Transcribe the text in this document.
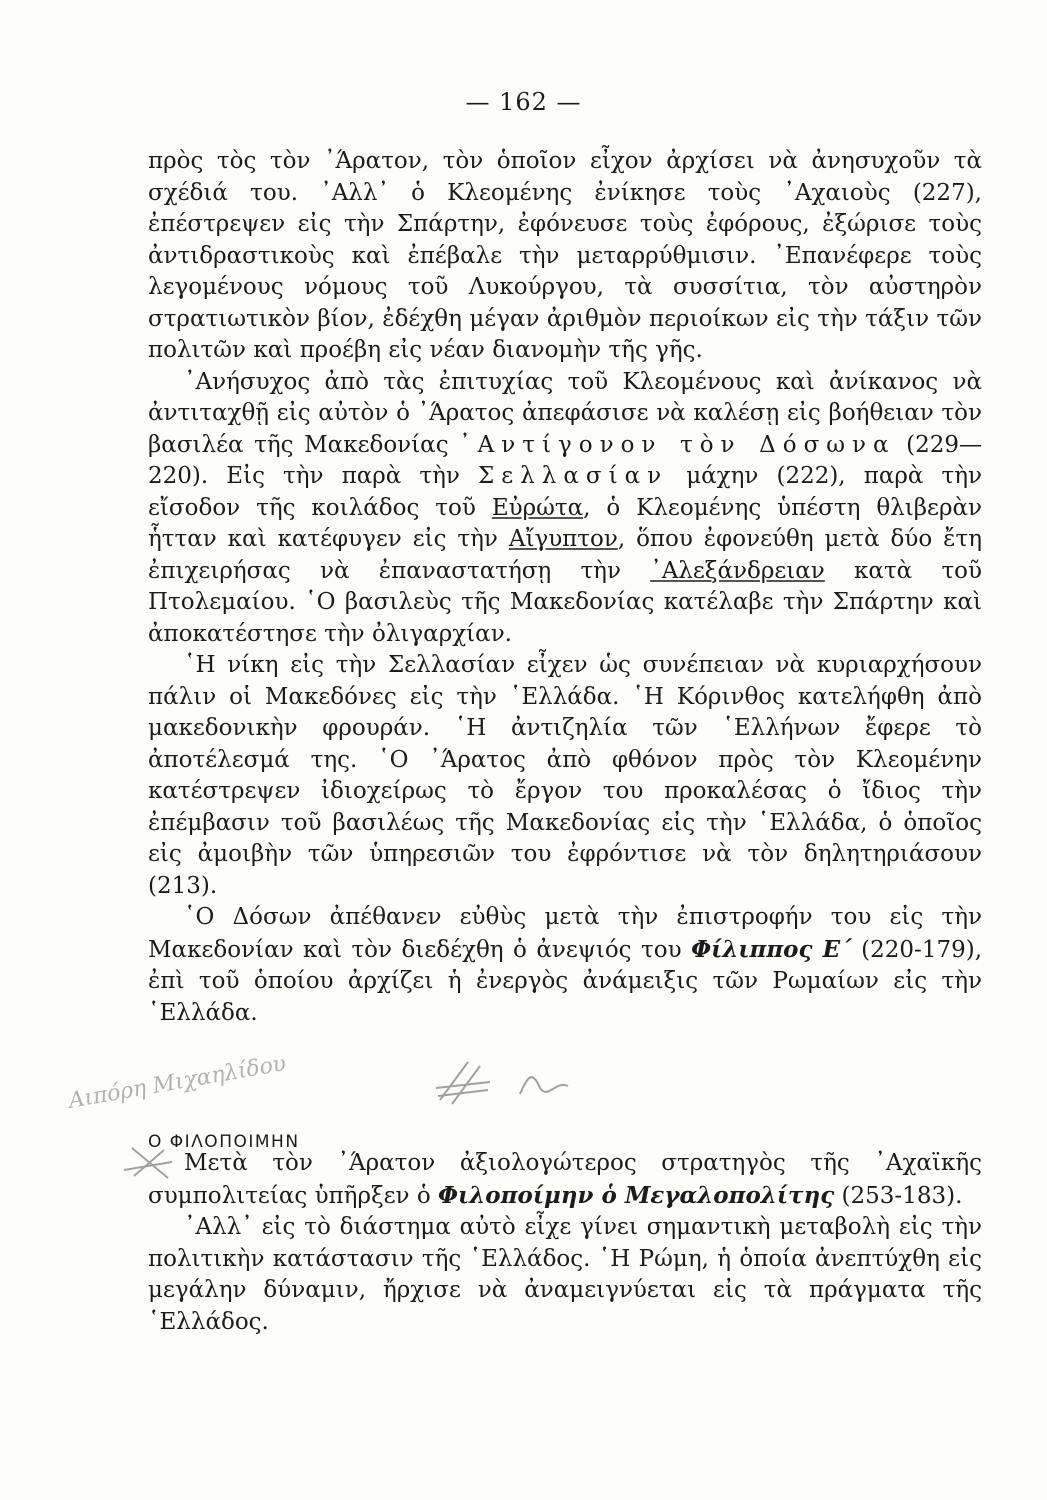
— 162 —

πρὸς τὸς τὸν ᾽Άρατον, τὸν ὁποῖον εἶχον ἀρχίσει νὰ ἀνησυχοῦν τὰ σχέδιά του. ᾽Αλλ᾽ ὁ Κλεομένης ἐνίκησε τοὺς ᾽Αχαιοὺς (227), ἐπέστρεψεν εἰς τὴν Σπάρτην, ἐφόνευσε τοὺς ἐφόρους, ἐξώρισε τοὺς ἀντιδραστικοὺς καὶ ἐπέβαλε τὴν μεταρρύθμισιν. ᾽Επανέφερε τοὺς λεγομένους νόμους τοῦ Λυκούργου, τὰ συσσίτια, τὸν αὐστηρὸν στρατιωτικὸν βίον, ἐδέχθη μέγαν ἀριθμὸν περιοίκων εἰς τὴν τάξιν τῶν πολιτῶν καὶ προέβη εἰς νέαν διανομὴν τῆς γῆς.

᾽Ανήσυχος ἀπὸ τὰς ἐπιτυχίας τοῦ Κλεομένους καὶ ἀνίκανος νὰ ἀντιταχθῇ εἰς αὐτὸν ὁ ᾽Άρατος ἀπεφάσισε νὰ καλέσῃ εἰς βοήθειαν τὸν βασιλέα τῆς Μακεδονίας ᾽Αντίγονον τὸν Δόσωνα (229—220). Εἰς τὴν παρὰ τὴν Σελλασίαν μάχην (222), παρὰ τὴν εἴσοδον τῆς κοιλάδος τοῦ Εὐρώτα, ὁ Κλεομένης ὑπέστη θλιβερὰν ἧτταν καὶ κατέφυγεν εἰς τὴν Αἴγυπτον, ὅπου ἐφονεύθη μετὰ δύο ἔτη ἐπιχειρήσας νὰ ἐπαναστατήσῃ τὴν ᾽Αλεξάνδρειαν κατὰ τοῦ Πτολεμαίου. ῾Ο βασιλεὺς τῆς Μακεδονίας κατέλαβε τὴν Σπάρτην καὶ ἀποκατέστησε τὴν ὀλιγαρχίαν.

῾Η νίκη εἰς τὴν Σελλασίαν εἶχεν ὡς συνέπειαν νὰ κυριαρχήσουν πάλιν οἱ Μακεδόνες εἰς τὴν ῾Ελλάδα. ῾Η Κόρινθος κατελήφθη ἀπὸ μακεδονικὴν φρουράν. ῾Η ἀντιζηλία τῶν ῾Ελλήνων ἔφερε τὸ ἀποτέλεσμά της. ῾Ο ᾽Άρατος ἀπὸ φθόνον πρὸς τὸν Κλεομένην κατέστρεψεν ἰδιοχείρως τὸ ἔργον του προκαλέσας ὁ ἴδιος τὴν ἐπέμβασιν τοῦ βασιλέως τῆς Μακεδονίας εἰς τὴν ῾Ελλάδα, ὁ ὁποῖος εἰς ἀμοιβὴν τῶν ὑπηρεσιῶν του ἐφρόντισε νὰ τὸν δηλητηριάσουν (213).

῾Ο Δόσων ἀπέθανεν εὐθὺς μετὰ τὴν ἐπιστροφήν του εἰς τὴν Μακεδονίαν καὶ τὸν διεδέχθη ὁ ἀνεψιός του Φίλιππος Ε΄ (220-179), ἐπὶ τοῦ ὁποίου ἀρχίζει ἡ ἐνεργὸς ἀνάμειξις τῶν Ρωμαίων εἰς τὴν ῾Ελλάδα.

Ο ΦΙΛΟΠΟΙΜΗΝ

Μετὰ τὸν ᾽Άρατον ἀξιολογώτερος στρατηγὸς τῆς ᾽Αχαϊκῆς συμπολιτείας ὑπῆρξεν ὁ Φιλοποίμην ὁ Μεγαλοπολίτης (253-183).

᾽Αλλ᾽ εἰς τὸ διάστημα αὐτὸ εἶχε γίνει σημαντικὴ μεταβολὴ εἰς τὴν πολιτικὴν κατάστασιν τῆς ῾Ελλάδος. ῾Η Ρώμη, ἡ ὁποία ἀνεπτύχθη εἰς μεγάλην δύναμιν, ἤρχισε νὰ ἀναμειγνύεται εἰς τὰ πράγματα τῆς ῾Ελλάδος.

Αιπόρη Μιχαηλίδου
